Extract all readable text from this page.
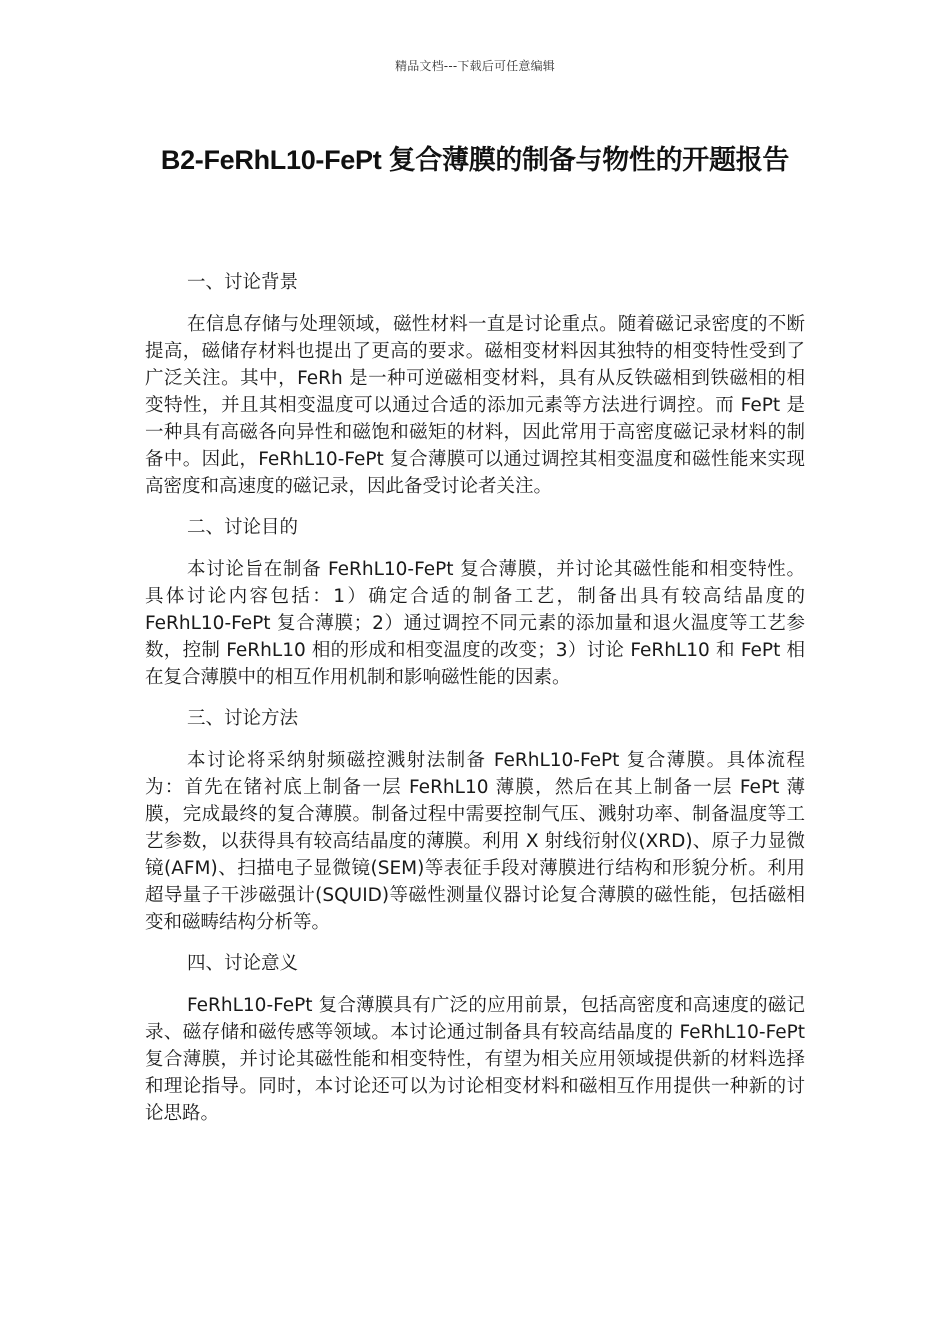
精品文档---下载后可任意编辑
B2-FeRhL10-FePt 复合薄膜的制备与物性的开题报告
一、讨论背景
在信息存储与处理领域，磁性材料一直是讨论重点。随着磁记录密度的不断提高，磁储存材料也提出了更高的要求。磁相变材料因其独特的相变特性受到了广泛关注。其中，FeRh 是一种可逆磁相变材料，具有从反铁磁相到铁磁相的相变特性，并且其相变温度可以通过合适的添加元素等方法进行调控。而 FePt 是一种具有高磁各向异性和磁饱和磁矩的材料，因此常用于高密度磁记录材料的制备中。因此，FeRhL10-FePt 复合薄膜可以通过调控其相变温度和磁性能来实现高密度和高速度的磁记录，因此备受讨论者关注。
二、讨论目的
本讨论旨在制备 FeRhL10-FePt 复合薄膜，并讨论其磁性能和相变特性。具体讨论内容包括：1）确定合适的制备工艺，制备出具有较高结晶度的 FeRhL10-FePt 复合薄膜；2）通过调控不同元素的添加量和退火温度等工艺参数，控制 FeRhL10 相的形成和相变温度的改变；3）讨论 FeRhL10 和 FePt 相在复合薄膜中的相互作用机制和影响磁性能的因素。
三、讨论方法
本讨论将采纳射频磁控溅射法制备 FeRhL10-FePt 复合薄膜。具体流程为：首先在锗衬底上制备一层 FeRhL10 薄膜，然后在其上制备一层 FePt 薄膜，完成最终的复合薄膜。制备过程中需要控制气压、溅射功率、制备温度等工艺参数，以获得具有较高结晶度的薄膜。利用 X 射线衍射仪(XRD)、原子力显微镜(AFM)、扫描电子显微镜(SEM)等表征手段对薄膜进行结构和形貌分析。利用超导量子干涉磁强计(SQUID)等磁性测量仪器讨论复合薄膜的磁性能，包括磁相变和磁畴结构分析等。
四、讨论意义
FeRhL10-FePt 复合薄膜具有广泛的应用前景，包括高密度和高速度的磁记录、磁存储和磁传感等领域。本讨论通过制备具有较高结晶度的 FeRhL10-FePt 复合薄膜，并讨论其磁性能和相变特性，有望为相关应用领域提供新的材料选择和理论指导。同时，本讨论还可以为讨论相变材料和磁相互作用提供一种新的讨论思路。
